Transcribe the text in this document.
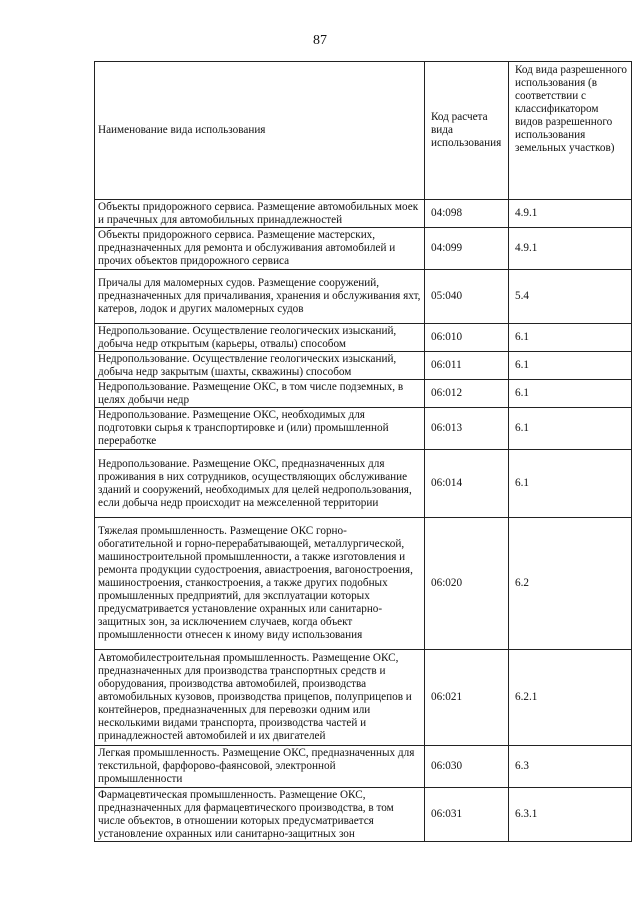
87
Наименование вида использования	Код расчета вида использования	Код вида разрешенного использования (в соответствии с классификатором видов разрешенного использования земельных участков)
Объекты придорожного сервиса. Размещение автомобильных моек и прачечных для автомобильных принадлежностей	04:098	4.9.1
Объекты придорожного сервиса. Размещение мастерских, предназначенных для ремонта и обслуживания автомобилей и прочих объектов придорожного сервиса	04:099	4.9.1
Причалы для маломерных судов. Размещение сооружений, предназначенных для причаливания, хранения и обслуживания яхт, катеров, лодок и других маломерных судов	05:040	5.4
Недропользование. Осуществление геологических изысканий, добыча недр открытым (карьеры, отвалы) способом	06:010	6.1
Недропользование. Осуществление геологических изысканий, добыча недр закрытым (шахты, скважины) способом	06:011	6.1
Недропользование. Размещение ОКС, в том числе подземных, в целях добычи недр	06:012	6.1
Недропользование. Размещение ОКС, необходимых для подготовки сырья к транспортировке и (или) промышленной переработке	06:013	6.1
Недропользование. Размещение ОКС, предназначенных для проживания в них сотрудников, осуществляющих обслуживание зданий и сооружений, необходимых для целей недропользования, если добыча недр происходит на межселенной территории	06:014	6.1
Тяжелая промышленность. Размещение ОКС горно-обогатительной и горно-перерабатывающей, металлургической, машиностроительной промышленности, а также изготовления и ремонта продукции судостроения, авиастроения, вагоностроения, машиностроения, станкостроения, а также других подобных промышленных предприятий, для эксплуатации которых предусматривается установление охранных или санитарно-защитных зон, за исключением случаев, когда объект промышленности отнесен к иному виду использования	06:020	6.2
Автомобилестроительная промышленность. Размещение ОКС, предназначенных для производства транспортных средств и оборудования, производства автомобилей, производства автомобильных кузовов, производства прицепов, полуприцепов и контейнеров, предназначенных для перевозки одним или несколькими видами транспорта, производства частей и принадлежностей автомобилей и их двигателей	06:021	6.2.1
Легкая промышленность. Размещение ОКС, предназначенных для текстильной, фарфорово-фаянсовой, электронной промышленности	06:030	6.3
Фармацевтическая промышленность. Размещение ОКС, предназначенных для фармацевтического производства, в том числе объектов, в отношении которых предусматривается установление охранных или санитарно-защитных зон	06:031	6.3.1
